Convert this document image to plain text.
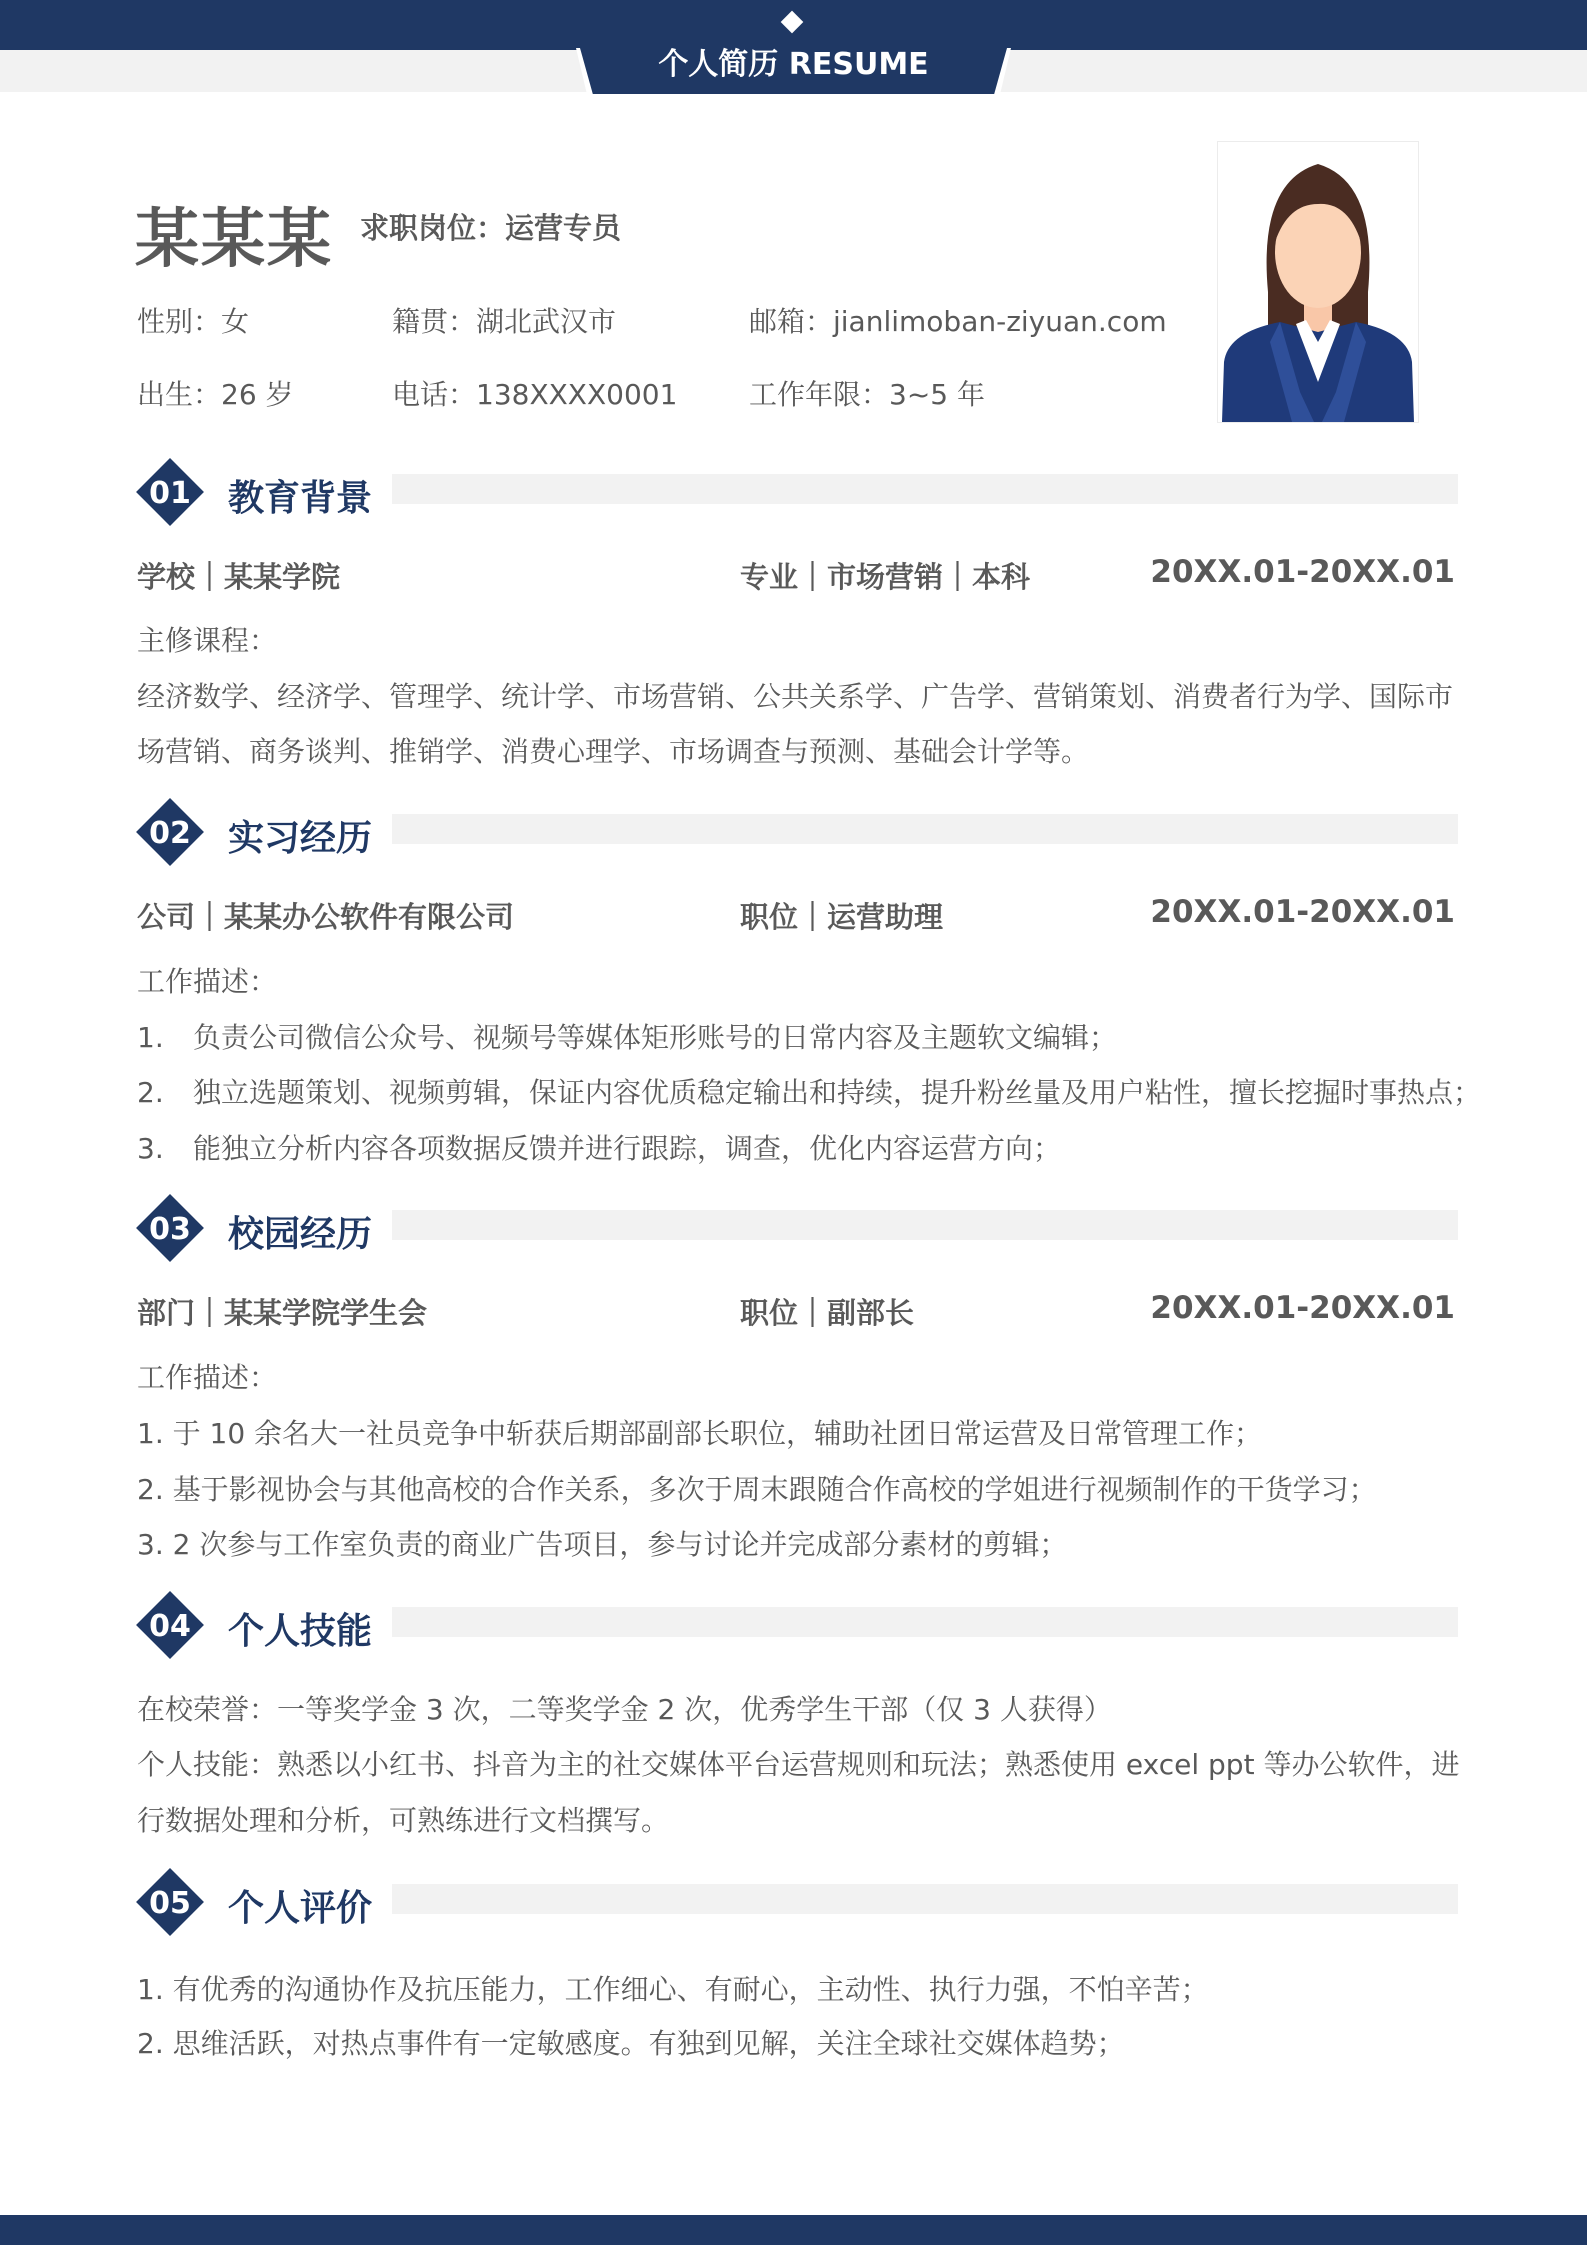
个人简历 RESUME
某某某 求职岗位：运营专员
性别：女	籍贯：湖北武汉市	邮箱：jianlimoban-ziyuan.com
出生：26 岁	电话：138XXXX0001	工作年限：3~5 年
01 教育背景
学校｜某某学院	专业｜市场营销｜本科	20XX.01-20XX.01
主修课程：
经济数学、经济学、管理学、统计学、市场营销、公共关系学、广告学、营销策划、消费者行为学、国际市
场营销、商务谈判、推销学、消费心理学、市场调查与预测、基础会计学等。
02 实习经历
公司｜某某办公软件有限公司	职位｜运营助理	20XX.01-20XX.01
工作描述：
1. 负责公司微信公众号、视频号等媒体矩形账号的日常内容及主题软文编辑；
2. 独立选题策划、视频剪辑，保证内容优质稳定输出和持续，提升粉丝量及用户粘性，擅长挖掘时事热点；
3. 能独立分析内容各项数据反馈并进行跟踪，调查，优化内容运营方向；
03 校园经历
部门｜某某学院学生会	职位｜副部长	20XX.01-20XX.01
工作描述：
1. 于 10 余名大一社员竞争中斩获后期部副部长职位，辅助社团日常运营及日常管理工作；
2. 基于影视协会与其他高校的合作关系，多次于周末跟随合作高校的学姐进行视频制作的干货学习；
3. 2 次参与工作室负责的商业广告项目，参与讨论并完成部分素材的剪辑；
04 个人技能
在校荣誉：一等奖学金 3 次，二等奖学金 2 次，优秀学生干部（仅 3 人获得）
个人技能：熟悉以小红书、抖音为主的社交媒体平台运营规则和玩法；熟悉使用 excel ppt 等办公软件，进
行数据处理和分析，可熟练进行文档撰写。
05 个人评价
1. 有优秀的沟通协作及抗压能力，工作细心、有耐心，主动性、执行力强，不怕辛苦；
2. 思维活跃，对热点事件有一定敏感度。有独到见解，关注全球社交媒体趋势；
